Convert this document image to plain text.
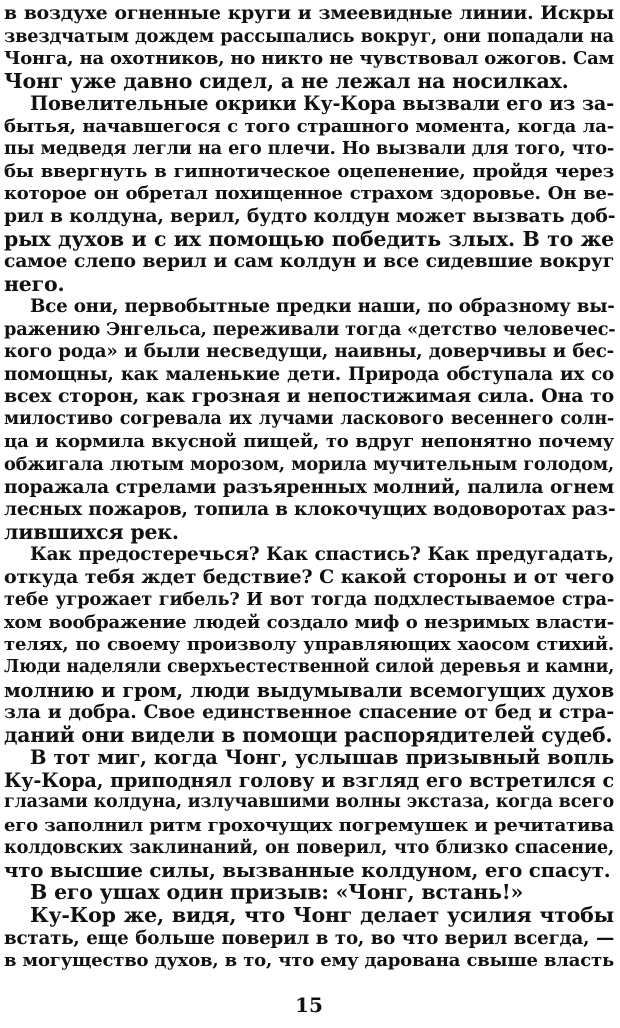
в воздухе огненные круги и змеевидные линии. Искры
звездчатым дождем рассыпались вокруг, они попадали на
Чонга, на охотников, но никто не чувствовал ожогов. Сам
Чонг уже давно сидел, а не лежал на носилках.
Повелительные окрики Ку-Кора вызвали его из за-
бытья, начавшегося с того страшного момента, когда ла-
пы медведя легли на его плечи. Но вызвали для того, что-
бы ввергнуть в гипнотическое оцепенение, пройдя через
которое он обретал похищенное страхом здоровье. Он ве-
рил в колдуна, верил, будто колдун может вызвать доб-
рых духов и с их помощью победить злых. В то же
самое слепо верил и сам колдун и все сидевшие вокруг
него.
Все они, первобытные предки наши, по образному вы-
ражению Энгельса, переживали тогда «детство человечес-
кого рода» и были несведущи, наивны, доверчивы и бес-
помощны, как маленькие дети. Природа обступала их со
всех сторон, как грозная и непостижимая сила. Она то
милостиво согревала их лучами ласкового весеннего солн-
ца и кормила вкусной пищей, то вдруг непонятно почему
обжигала лютым морозом, морила мучительным голодом,
поражала стрелами разъяренных молний, палила огнем
лесных пожаров, топила в клокочущих водоворотах раз-
лившихся рек.
Как предостеречься? Как спастись? Как предугадать,
откуда тебя ждет бедствие? С какой стороны и от чего
тебе угрожает гибель? И вот тогда подхлестываемое стра-
хом воображение людей создало миф о незримых власти-
телях, по своему произволу управляющих хаосом стихий.
Люди наделяли сверхъестественной силой деревья и камни,
молнию и гром, люди выдумывали всемогущих духов
зла и добра. Свое единственное спасение от бед и стра-
даний они видели в помощи распорядителей судеб.
В тот миг, когда Чонг, услышав призывный вопль
Ку-Кора, приподнял голову и взгляд его встретился с
глазами колдуна, излучавшими волны экстаза, когда всего
его заполнил ритм грохочущих погремушек и речитатива
колдовских заклинаний, он поверил, что близко спасение,
что высшие силы, вызванные колдуном, его спасут.
В его ушах один призыв: «Чонг, встань!»
Ку-Кор же, видя, что Чонг делает усилия чтобы
встать, еще больше поверил в то, во что верил всегда, —
15
в могущество духов, в то, что ему дарована свыше власть
